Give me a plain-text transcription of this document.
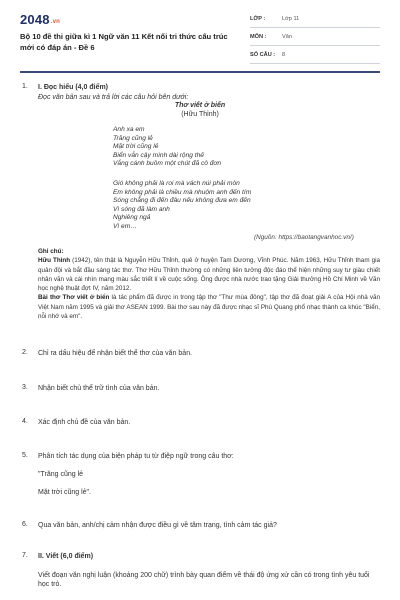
2048.vn
Bộ 10 đề thi giữa kì 1 Ngữ văn 11 Kết nối tri thức cấu trúc mới có đáp án - Đề 6
LỚP :	Lớp 11
MÔN :	Văn
SỐ CÂU :	8
1. I. Đọc hiểu (4,0 điểm)
Đọc văn bản sau và trả lời các câu hỏi bên dưới:
Thơ viết ở biển
(Hữu Thỉnh)
Anh xa em
Trăng cũng lẻ
Mặt trời cũng lẻ
Biển vẫn cậy mình dài rộng thế
Vắng cánh buồm một chút đã cô đơn
Gió không phải là roi mà vách núi phải mòn
Em không phải là chiều mà nhuộm anh đến tím
Sóng chẳng đi đến đâu nếu không đưa em đến
Vì sóng đã làm anh
Nghiêng ngả
Vì em…
(Nguồn: https://baotangvanhoc.vn/)
Ghi chú:
Hữu Thỉnh (1942), tên thật là Nguyễn Hữu Thỉnh, quê ở huyện Tam Dương, Vĩnh Phúc. Năm 1963, Hữu Thỉnh tham gia quân đội và bắt đầu sáng tác thơ. Thơ Hữu Thỉnh thường có những liên tưởng độc đáo thể hiện những suy tư giàu chiết nhân văn và cái nhìn mang màu sắc triết lí về cuộc sống. Ông được nhà nước trao tặng Giải thưởng Hồ Chí Minh về Văn học nghệ thuật đợt IV, năm 2012.
Bài thơ Thơ viết ở biển là tác phẩm đã được in trong tập thơ "Thư mùa đông", tập thơ đã đoạt giải A của Hội nhà văn Việt Nam năm 1995 và giải thơ ASEAN 1999. Bài thơ sau này đã được nhạc sĩ Phú Quang phổ nhạc thành ca khúc "Biển, nỗi nhớ và em".
2. Chỉ ra dấu hiệu để nhận biết thể thơ của văn bản.
3. Nhận biết chủ thể trữ tình của văn bản.
4. Xác định chủ đề của văn bản.
5. Phân tích tác dụng của biện pháp tu từ điệp ngữ trong câu thơ:
"Trăng cũng lẻ
Mặt trời cũng lẻ".
6. Qua văn bản, anh/chị cảm nhận được điều gì về tâm trạng, tình cảm tác giả?
7. II. Viết (6,0 điểm)
Viết đoạn văn nghị luận (khoảng 200 chữ) trình bày quan điểm về thái độ ứng xử cần có trong tình yêu tuổi học trò.
